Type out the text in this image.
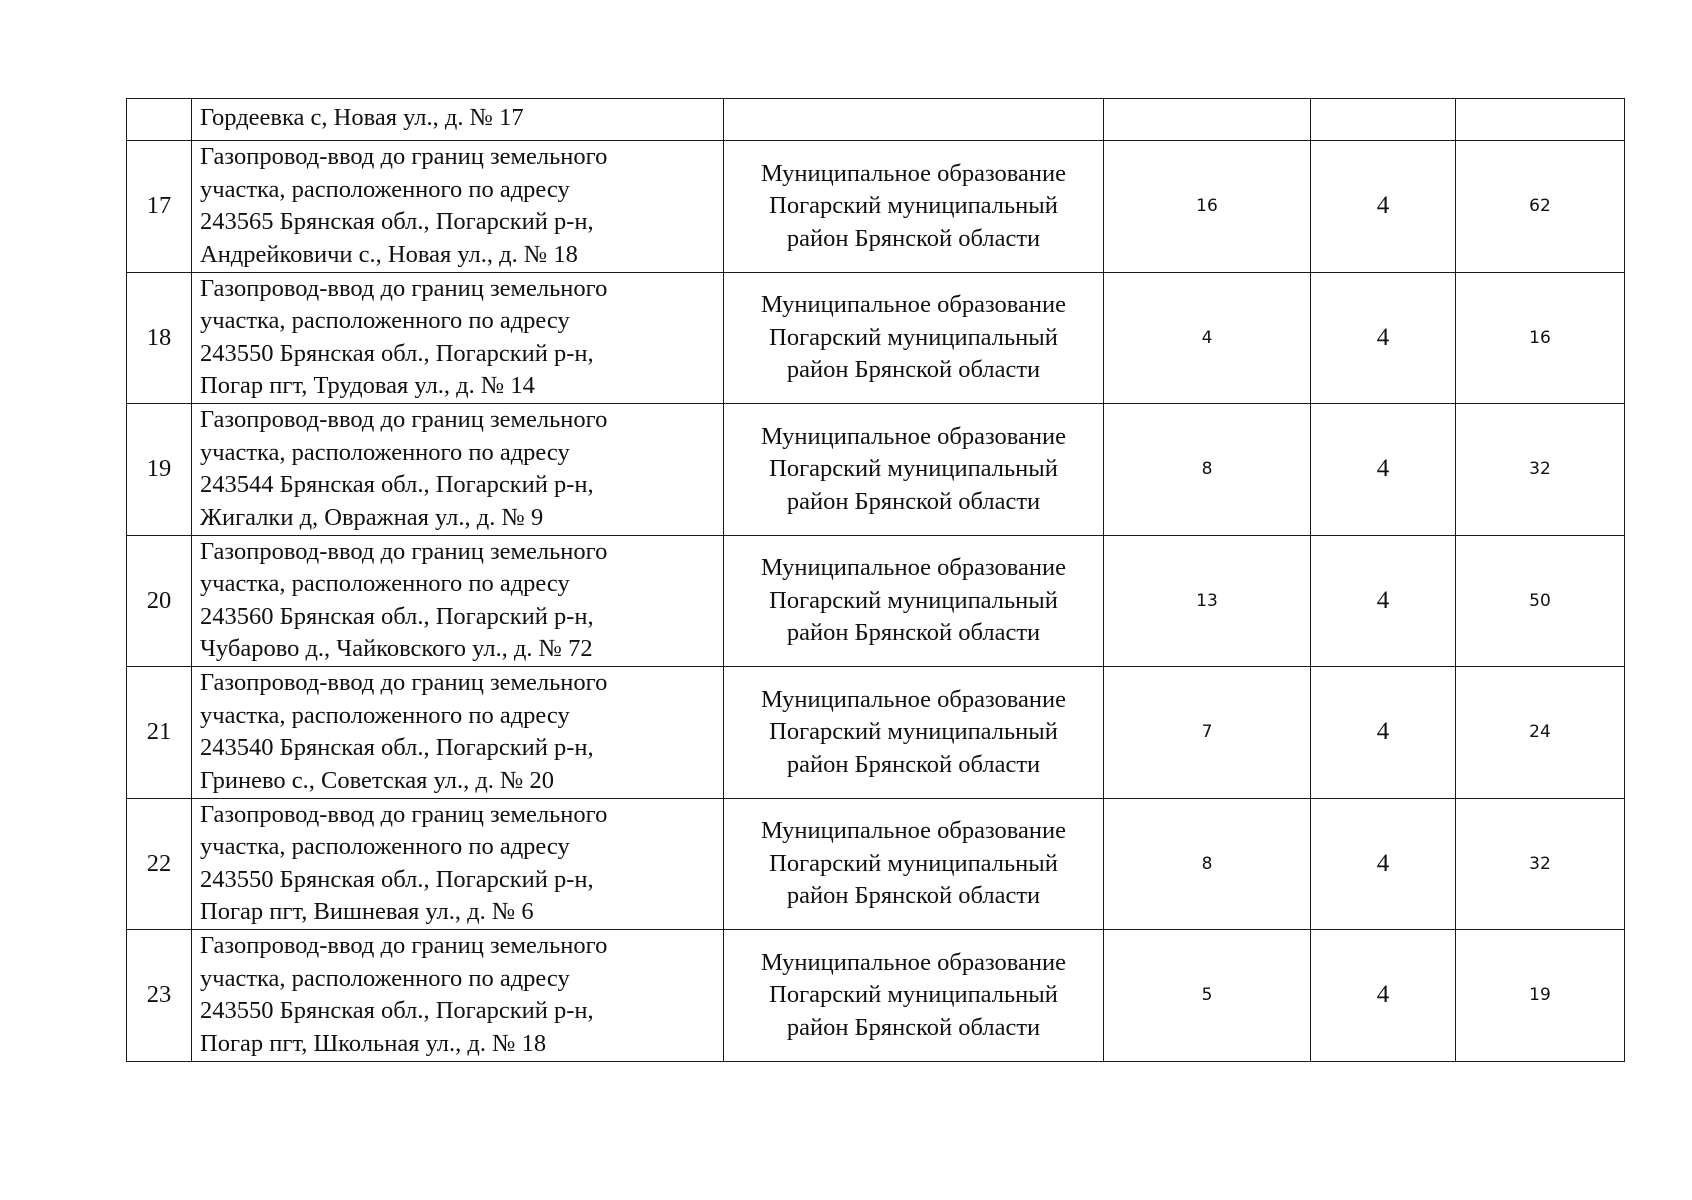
	Гордеевка с, Новая ул., д. № 17				
17	Газопровод-ввод до границ земельного
участка, расположенного по адресу
243565 Брянская обл., Погарский р-н,
Андрейковичи с., Новая ул., д. № 18	Муниципальное образование
Погарский муниципальный
район Брянской области	16	4	62
18	Газопровод-ввод до границ земельного
участка, расположенного по адресу
243550 Брянская обл., Погарский р-н,
Погар пгт, Трудовая ул., д. № 14	Муниципальное образование
Погарский муниципальный
район Брянской области	4	4	16
19	Газопровод-ввод до границ земельного
участка, расположенного по адресу
243544 Брянская обл., Погарский р-н,
Жигалки д, Овражная ул., д. № 9	Муниципальное образование
Погарский муниципальный
район Брянской области	8	4	32
20	Газопровод-ввод до границ земельного
участка, расположенного по адресу
243560 Брянская обл., Погарский р-н,
Чубарово д., Чайковского ул., д. № 72	Муниципальное образование
Погарский муниципальный
район Брянской области	13	4	50
21	Газопровод-ввод до границ земельного
участка, расположенного по адресу
243540 Брянская обл., Погарский р-н,
Гринево с., Советская ул., д. № 20	Муниципальное образование
Погарский муниципальный
район Брянской области	7	4	24
22	Газопровод-ввод до границ земельного
участка, расположенного по адресу
243550 Брянская обл., Погарский р-н,
Погар пгт, Вишневая ул., д. № 6	Муниципальное образование
Погарский муниципальный
район Брянской области	8	4	32
23	Газопровод-ввод до границ земельного
участка, расположенного по адресу
243550 Брянская обл., Погарский р-н,
Погар пгт, Школьная ул., д. № 18	Муниципальное образование
Погарский муниципальный
район Брянской области	5	4	19
